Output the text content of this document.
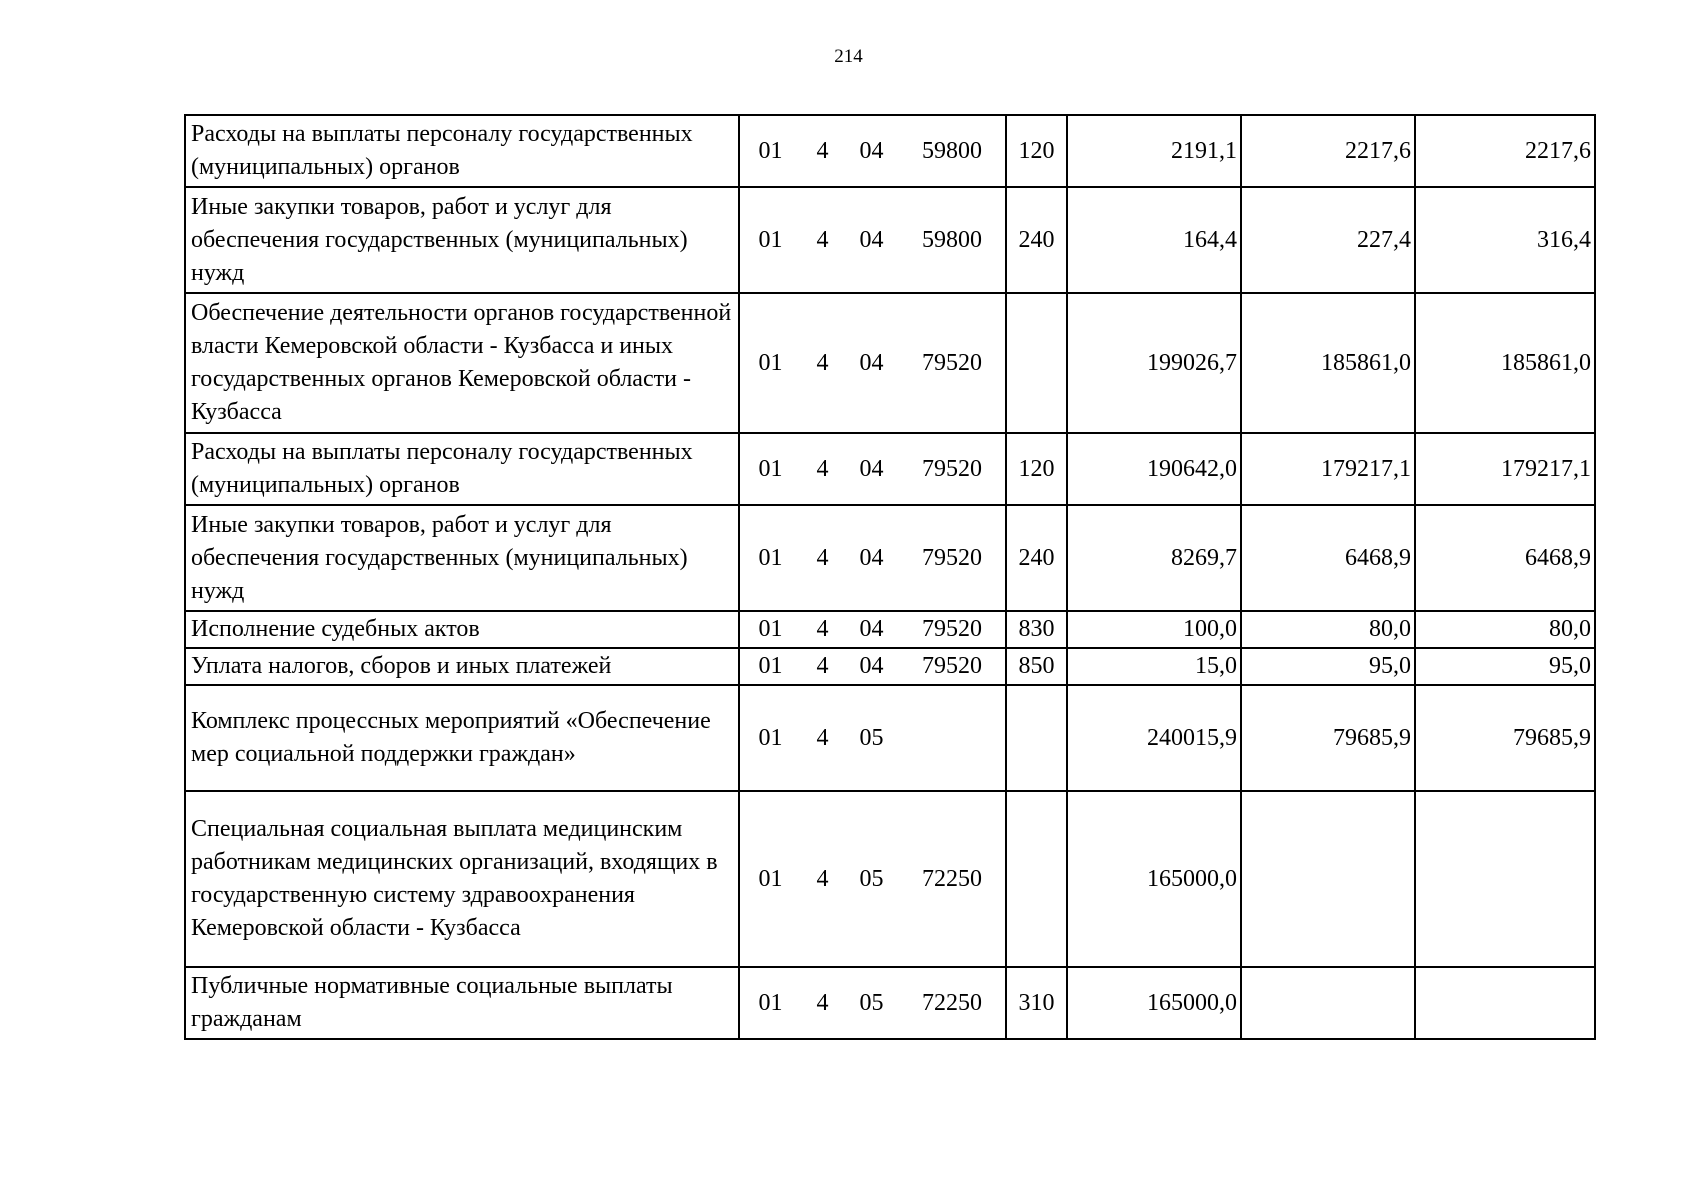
214
Расходы на выплаты персоналу государственных (муниципальных) органов	01	4	04	59800	120	2191,1	2217,6	2217,6
Иные закупки товаров, работ и услуг для обеспечения государственных (муниципальных) нужд	01	4	04	59800	240	164,4	227,4	316,4
Обеспечение деятельности органов государственной власти Кемеровской области - Кузбасса и иных государственных органов Кемеровской области - Кузбасса	01	4	04	79520		199026,7	185861,0	185861,0
Расходы на выплаты персоналу государственных (муниципальных) органов	01	4	04	79520	120	190642,0	179217,1	179217,1
Иные закупки товаров, работ и услуг для обеспечения государственных (муниципальных) нужд	01	4	04	79520	240	8269,7	6468,9	6468,9
Исполнение судебных актов	01	4	04	79520	830	100,0	80,0	80,0
Уплата налогов, сборов и иных платежей	01	4	04	79520	850	15,0	95,0	95,0
Комплекс процессных мероприятий «Обеспечение мер социальной поддержки граждан»	01	4	05			240015,9	79685,9	79685,9
Специальная социальная выплата медицинским работникам медицинских организаций, входящих в государственную систему здравоохранения Кемеровской области - Кузбасса	01	4	05	72250		165000,0		
Публичные нормативные социальные выплаты гражданам	01	4	05	72250	310	165000,0		
